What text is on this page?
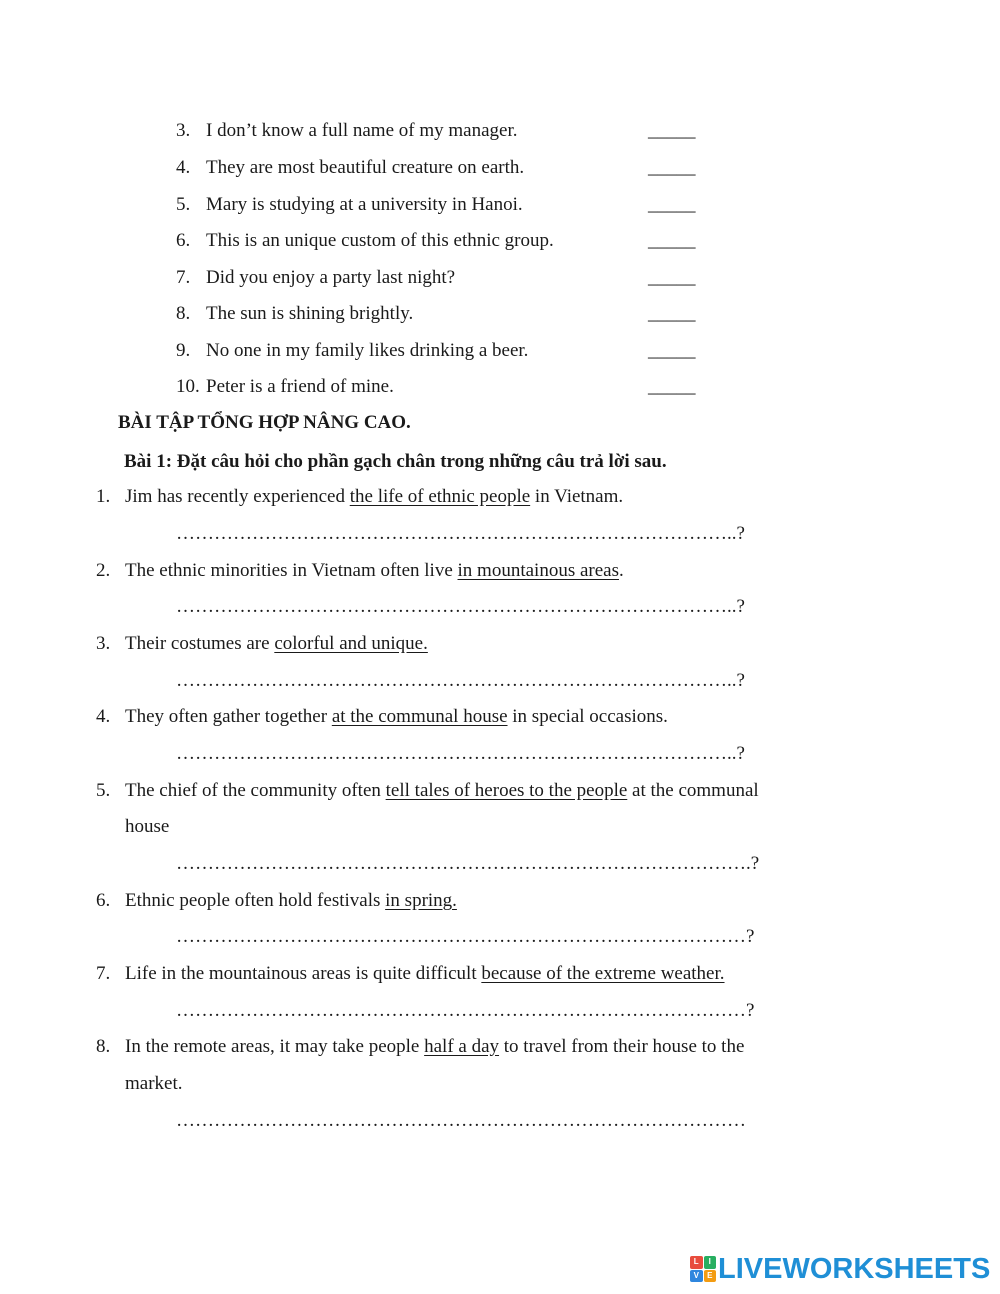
3. I don’t know a full name of my manager.	_____
4. They are most beautiful creature on earth.	_____
5. Mary is studying at a university in Hanoi.	_____
6. This is an unique custom of this ethnic group.	_____
7. Did you enjoy a party last night?	_____
8. The sun is shining brightly.	_____
9. No one in my family likes drinking a beer.	_____
10. Peter is a friend of mine.	_____
BÀI TẬP TỔNG HỢP NÂNG CAO.
Bài 1: Đặt câu hỏi cho phần gạch chân trong những câu trả lời sau.
1. Jim has recently experienced the life of ethnic people in Vietnam.
……………………………………………………………………………..?
2. The ethnic minorities in Vietnam often live in mountainous areas.
……………………………………………………………………………..?
3. Their costumes are colorful and unique.
……………………………………………………………………………..?
4. They often gather together at the communal house in special occasions.
……………………………………………………………………………..?
5. The chief of the community often tell tales of heroes to the people at the communal
house
……………………………………………………………………………….?
6. Ethnic people often hold festivals in spring.
………………………………………………………………………………?
7. Life in the mountainous areas is quite difficult because of the extreme weather.
………………………………………………………………………………?
8. In the remote areas, it may take people half a day to travel from their house to the
market.
………………………………………………………………………………
L	I
V	E LIVEWORKSHEETS
